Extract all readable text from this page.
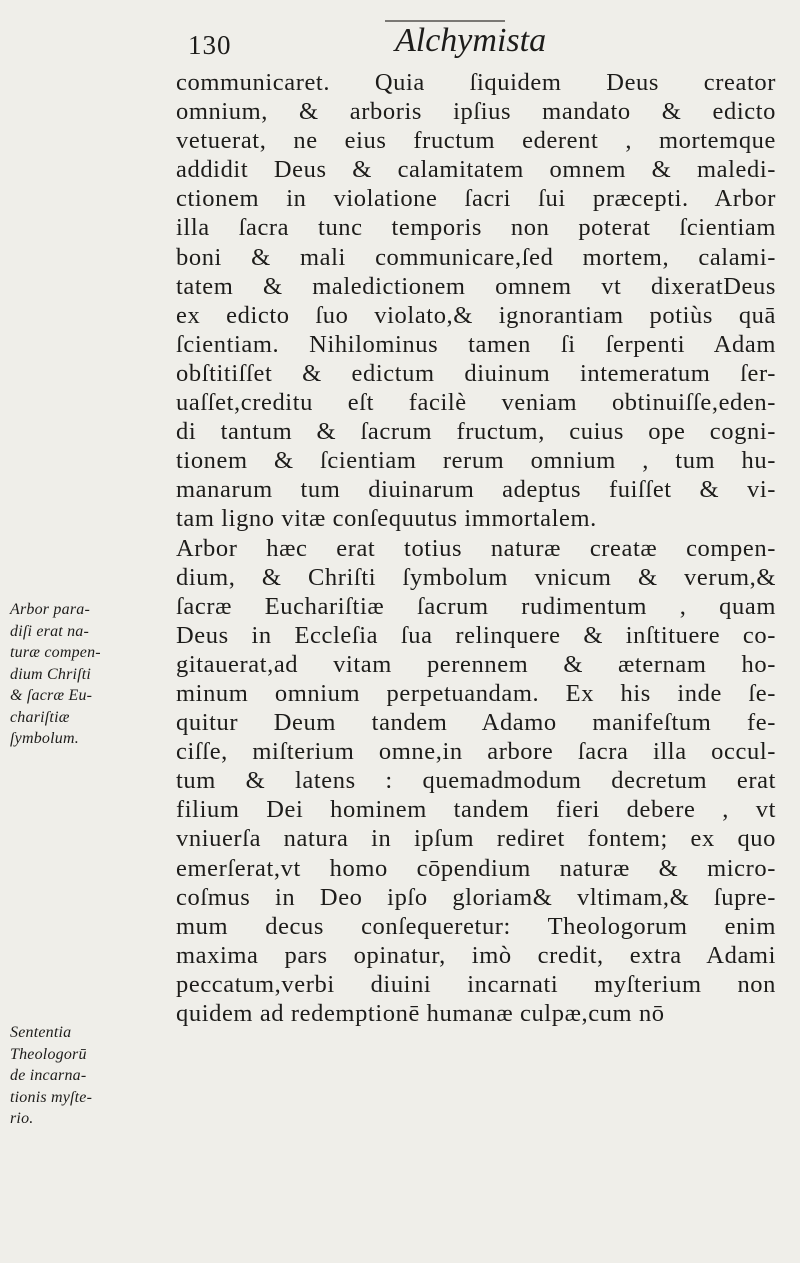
130	Alchymista
communicaret. Quia ſiquidem Deus creator
omnium, & arboris ipſius mandato & edicto
vetuerat, ne eius fructum ederent , mortemque
addidit Deus & calamitatem omnem & maledi-
ctionem in violatione ſacri ſui præcepti. Arbor
illa ſacra tunc temporis non poterat ſcientiam
boni & mali communicare,ſed mortem, calami-
tatem & maledictionem omnem vt dixeratDeus
ex edicto ſuo violato,& ignorantiam potiùs quā
ſcientiam. Nihilominus tamen ſi ſerpenti Adam
obſtitiſſet & edictum diuinum intemeratum ſer-
uaſſet,creditu eſt facilè veniam obtinuiſſe,eden-
di tantum & ſacrum fructum, cuius ope cogni-
tionem & ſcientiam rerum omnium , tum hu-
manarum tum diuinarum adeptus fuiſſet & vi-
tam ligno vitæ conſequutus immortalem.
Arbor hæc erat totius naturæ creatæ compen-
dium, & Chriſti ſymbolum vnicum & verum,&
ſacræ Euchariſtiæ ſacrum rudimentum , quam
Deus in Eccleſia ſua relinquere & inſtituere co-
gitauerat,ad vitam perennem & æternam ho-
minum omnium perpetuandam. Ex his inde ſe-
quitur Deum tandem Adamo manifeſtum fe-
ciſſe, miſterium omne,in arbore ſacra illa occul-
tum & latens : quemadmodum decretum erat
filium Dei hominem tandem fieri debere , vt
vniuerſa natura in ipſum rediret fontem; ex quo
emerſerat,vt homo cōpendium naturæ & micro-
coſmus in Deo ipſo gloriam& vltimam,& ſupre-
mum decus conſequeretur: Theologorum enim
maxima pars opinatur, imò credit, extra Adami
peccatum,verbi diuini incarnati myſterium non
quidem ad redemptionē humanæ culpæ,cum nō
Arbor para-
diſi erat na-
turæ compen-
dium Chriſti
& ſacræ Eu-
chariſtiæ
ſymbolum.
Sententia
Theologorū
de incarna-
tionis myſte-
rio.
